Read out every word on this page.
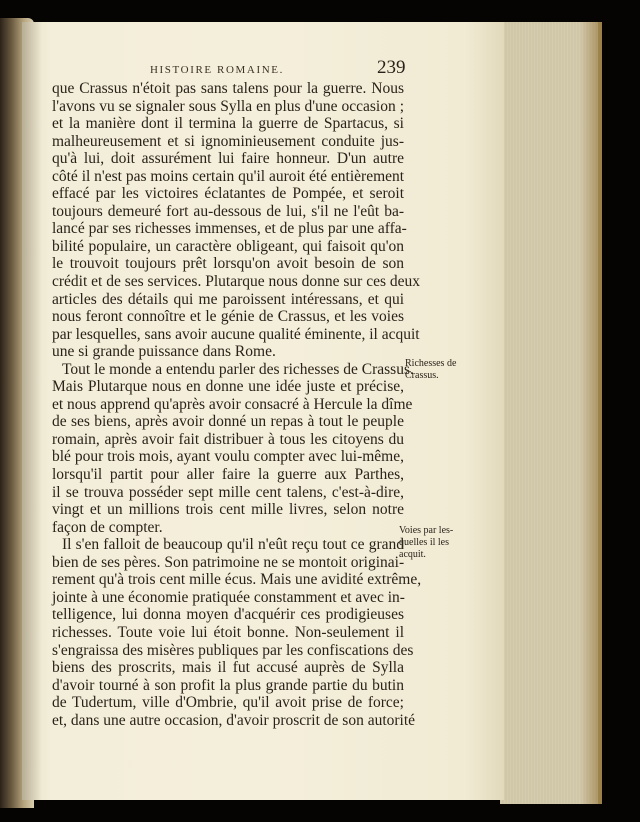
HISTOIRE ROMAINE.	239
que Crassus n'étoit pas sans talens pour la guerre. Nous
l'avons vu se signaler sous Sylla en plus d'une occasion ;
et la manière dont il termina la guerre de Spartacus, si
malheureusement et si ignominieusement conduite jus-
qu'à lui, doit assurément lui faire honneur. D'un autre
côté il n'est pas moins certain qu'il auroit été entièrement
effacé par les victoires éclatantes de Pompée, et seroit
toujours demeuré fort au-dessous de lui, s'il ne l'eût ba-
lancé par ses richesses immenses, et de plus par une affa-
bilité populaire, un caractère obligeant, qui faisoit qu'on
le trouvoit toujours prêt lorsqu'on avoit besoin de son
crédit et de ses services. Plutarque nous donne sur ces deux
articles des détails qui me paroissent intéressans, et qui
nous feront connoître et le génie de Crassus, et les voies
par lesquelles, sans avoir aucune qualité éminente, il acquit
une si grande puissance dans Rome.
Tout le monde a entendu parler des richesses de Crassus.
Mais Plutarque nous en donne une idée juste et précise,
et nous apprend qu'après avoir consacré à Hercule la dîme
de ses biens, après avoir donné un repas à tout le peuple
romain, après avoir fait distribuer à tous les citoyens du
blé pour trois mois, ayant voulu compter avec lui-même,
lorsqu'il partit pour aller faire la guerre aux Parthes,
il se trouva posséder sept mille cent talens, c'est-à-dire,
vingt et un millions trois cent mille livres, selon notre
façon de compter.
Il s'en falloit de beaucoup qu'il n'eût reçu tout ce grand
bien de ses pères. Son patrimoine ne se montoit originai-
rement qu'à trois cent mille écus. Mais une avidité extrême,
jointe à une économie pratiquée constamment et avec in-
telligence, lui donna moyen d'acquérir ces prodigieuses
richesses. Toute voie lui étoit bonne. Non-seulement il
s'engraissa des misères publiques par les confiscations des
biens des proscrits, mais il fut accusé auprès de Sylla
d'avoir tourné à son profit la plus grande partie du butin
de Tudertum, ville d'Ombrie, qu'il avoit prise de force;
et, dans une autre occasion, d'avoir proscrit de son autorité
Richesses de
Crassus.
Voies par les-
quelles il les
acquit.
